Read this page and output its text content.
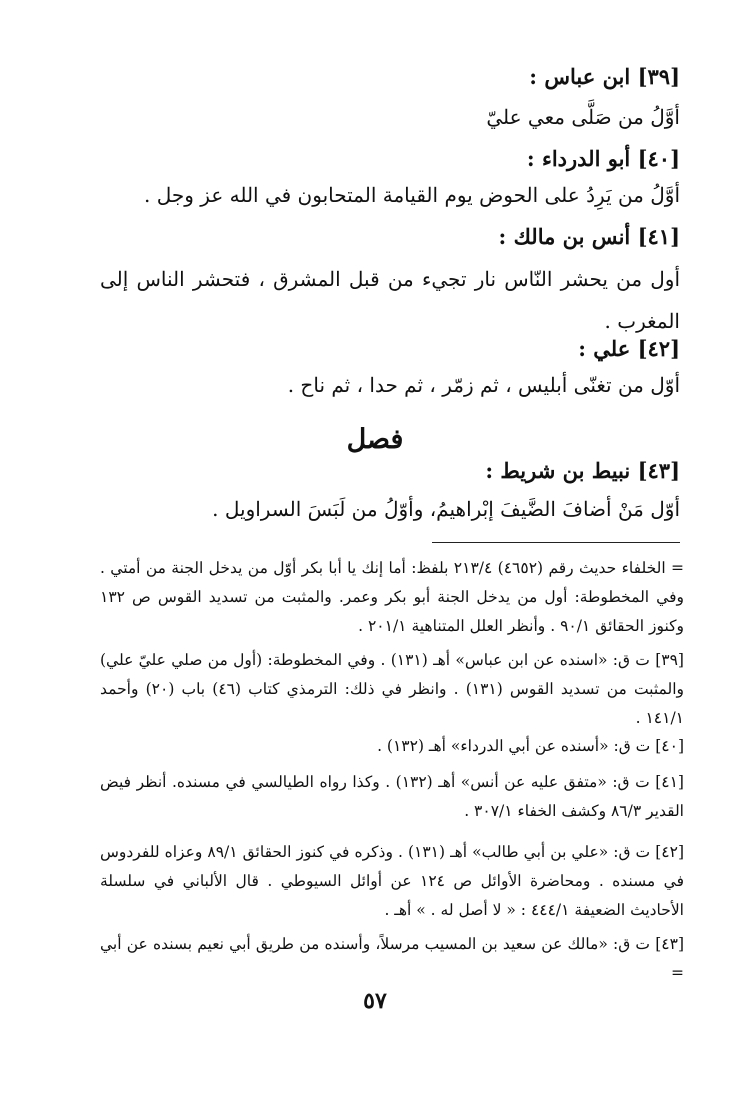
[٣٩] ابن عباس :
أوَّلُ من صَلَّى معي عليّ
[٤٠] أبو الدرداء :
أوَّلُ من يَرِدُ على الحوض يوم القيامة المتحابون في الله عز وجل .
[٤١] أنس بن مالك :
أول من يحشر النّاس نار تجيء من قبل المشرق ، فتحشر الناس إلى المغرب .
[٤٢] علي :
أوّل من تغنّى أبليس ، ثم زمّر ، ثم حدا ، ثم ناح .
فصل
[٤٣] نبيط بن شريط :
أوّل مَنْ أضافَ الضَّيفَ إبْراهيمُ، وأوّلُ من لَبَسَ السراويل .
= الخلفاء حديث رقم (٤٦٥٢) ٢١٣/٤ بلفظ: أما إنك يا أبا بكر أوّل من يدخل الجنة من أمتي . وفي المخطوطة: أول من يدخل الجنة أبو بكر وعمر. والمثبت من تسديد القوس ص ١٣٢ وكنوز الحقائق ٩٠/١ . وأنظر العلل المتناهية ٢٠١/١ .
[٣٩] ت ق: «اسنده عن ابن عباس» أهـ (١٣١) . وفي المخطوطة: (أول من صلي عليّ علي) والمثبت من تسديد القوس (١٣١) . وانظر في ذلك: الترمذي كتاب (٤٦) باب (٢٠) وأحمد ١٤١/١ .
[٤٠] ت ق: «أسنده عن أبي الدرداء» أهـ (١٣٢) .
[٤١] ت ق: «متفق عليه عن أنس» أهـ (١٣٢) . وكذا رواه الطيالسي في مسنده. أنظر فيض القدير ٨٦/٣ وكشف الخفاء ٣٠٧/١ .
[٤٢] ت ق: «علي بن أبي طالب» أهـ (١٣١) . وذكره في كنوز الحقائق ٨٩/١ وعزاه للفردوس في مسنده . ومحاضرة الأوائل ص ١٢٤ عن أوائل السيوطي . قال الألباني في سلسلة الأحاديث الضعيفة ٤٤٤/١ : « لا أصل له . » أهـ .
[٤٣] ت ق: «مالك عن سعيد بن المسيب مرسلاً، وأسنده من طريق أبي نعيم بسنده عن أبي =
٥٧
